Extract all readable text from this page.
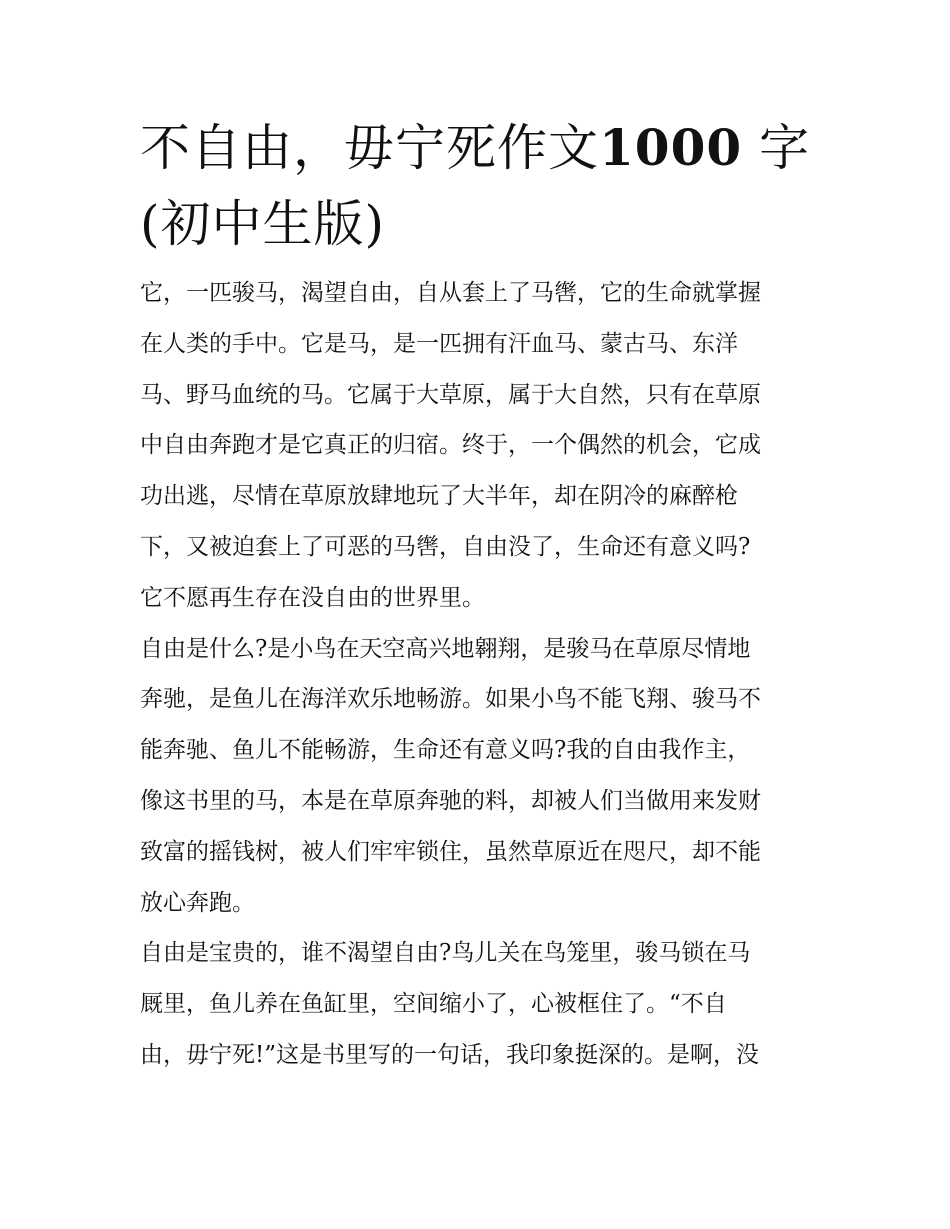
不自由，毋宁死作文1000 字
(初中生版)

它，一匹骏马，渴望自由，自从套上了马辔，它的生命就掌握
在人类的手中。它是马，是一匹拥有汗血马、蒙古马、东洋
马、野马血统的马。它属于大草原，属于大自然，只有在草原
中自由奔跑才是它真正的归宿。终于，一个偶然的机会，它成
功出逃，尽情在草原放肆地玩了大半年，却在阴冷的麻醉枪
下，又被迫套上了可恶的马辔，自由没了，生命还有意义吗?
它不愿再生存在没自由的世界里。

自由是什么?是小鸟在天空高兴地翱翔，是骏马在草原尽情地
奔驰，是鱼儿在海洋欢乐地畅游。如果小鸟不能飞翔、骏马不
能奔驰、鱼儿不能畅游，生命还有意义吗?我的自由我作主，
像这书里的马，本是在草原奔驰的料，却被人们当做用来发财
致富的摇钱树，被人们牢牢锁住，虽然草原近在咫尺，却不能
放心奔跑。

自由是宝贵的，谁不渴望自由?鸟儿关在鸟笼里，骏马锁在马
厩里，鱼儿养在鱼缸里，空间缩小了，心被框住了。“不自
由，毋宁死!”这是书里写的一句话，我印象挺深的。是啊，没
